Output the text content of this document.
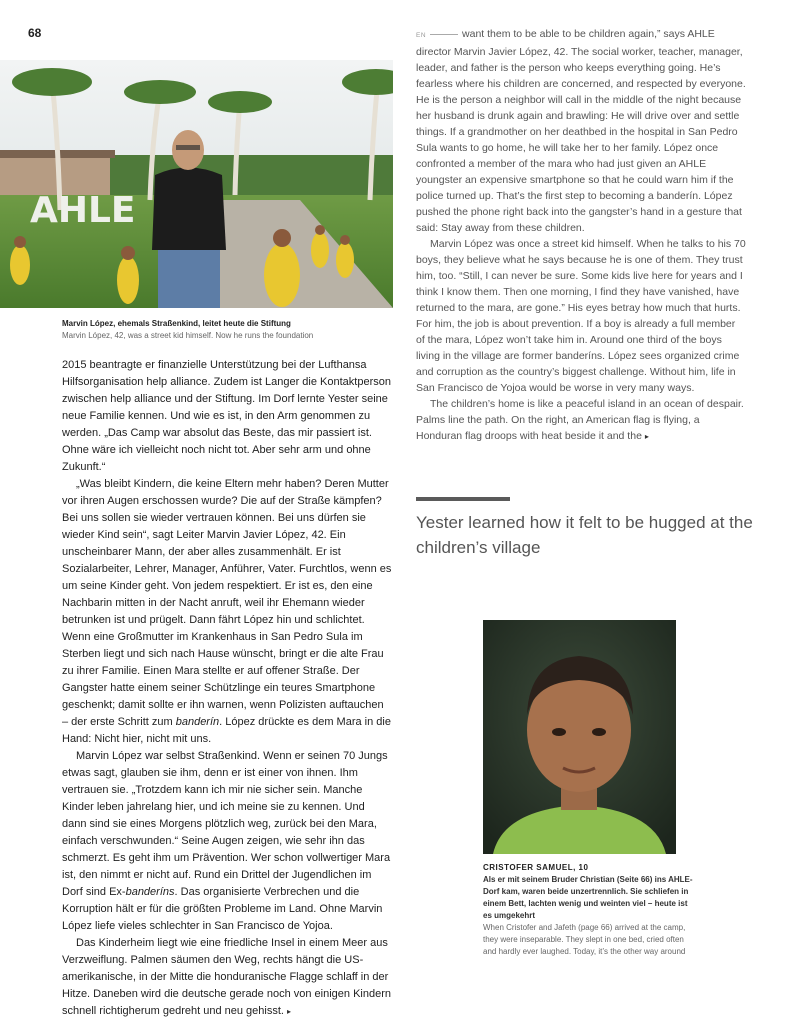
68
AHLE
Marvin López, ehemals Straßenkind, leitet heute die Stiftung
Marvin López, 42, was a street kid himself. Now he runs the foundation

2015 beantragte er finanzielle Unterstützung bei der Lufthansa Hilfsorganisation help alliance. Zudem ist Langer die Kontaktperson zwischen help alliance und der Stiftung. Im Dorf lernte Yester seine neue Familie kennen. Und wie es ist, in den Arm genommen zu werden. „Das Camp war absolut das Beste, das mir passiert ist. Ohne wäre ich vielleicht noch nicht tot. Aber sehr arm und ohne Zukunft.“

„Was bleibt Kindern, die keine Eltern mehr haben? Deren Mutter vor ihren Augen erschossen wurde? Die auf der Straße kämpfen? Bei uns sollen sie wieder vertrauen können. Bei uns dürfen sie wieder Kind sein“, sagt Leiter Marvin Javier López, 42. Ein unscheinbarer Mann, der aber alles zusammenhält. Er ist Sozialarbeiter, Lehrer, Manager, Anführer, Vater. Furchtlos, wenn es um seine Kinder geht. Von jedem respektiert. Er ist es, den eine Nachbarin mitten in der Nacht anruft, weil ihr Ehemann wieder betrunken ist und prügelt. Dann fährt López hin und schlichtet. Wenn eine Großmutter im Krankenhaus in San Pedro Sula im Sterben liegt und sich nach Hause wünscht, bringt er die alte Frau zu ihrer Familie. Einen Mara stellte er auf offener Straße. Der Gangster hatte einem seiner Schützlinge ein teures Smartphone geschenkt; damit sollte er ihn warnen, wenn Polizisten auftauchen – der erste Schritt zum banderín. López drückte es dem Mara in die Hand: Nicht hier, nicht mit uns.

Marvin López war selbst Straßenkind. Wenn er seinen 70 Jungs etwas sagt, glauben sie ihm, denn er ist einer von ihnen. Ihm vertrauen sie. „Trotzdem kann ich mir nie sicher sein. Manche Kinder leben jahrelang hier, und ich meine sie zu kennen. Und dann sind sie eines Morgens plötzlich weg, zurück bei den Mara, einfach verschwunden.“ Seine Augen zeigen, wie sehr ihn das schmerzt. Es geht ihm um Prävention. Wer schon vollwertiger Mara ist, den nimmt er nicht auf. Rund ein Drittel der Jugendlichen im Dorf sind Ex-banderíns. Das organisierte Verbrechen und die Korruption hält er für die größten Probleme im Land. Ohne Marvin López liefe vieles schlechter in San Francisco de Yojoa.

Das Kinderheim liegt wie eine friedliche Insel in einem Meer aus Verzweiflung. Palmen säumen den Weg, rechts hängt die US-amerikanische, in der Mitte die honduranische Flagge schlaff in der Hitze. Daneben wird die deutsche gerade noch von einigen Kindern schnell richtigherum gedreht und neu gehisst. ▸

EN	want them to be able to be children again,” says AHLE director Marvin Javier López, 42. The social worker, teacher, manager, leader, and father is the person who keeps everything going. He’s fearless where his children are concerned, and respected by everyone. He is the person a neighbor will call in the middle of the night because her husband is drunk again and brawling: He will drive over and settle things. If a grandmother on her deathbed in the hospital in San Pedro Sula wants to go home, he will take her to her family. López once confronted a member of the mara who had just given an AHLE youngster an expensive smartphone so that he could warn him if the police turned up. That’s the first step to becoming a banderín. López pushed the phone right back into the gangster’s hand in a gesture that said: Stay away from these children.

Marvin López was once a street kid himself. When he talks to his 70 boys, they believe what he says because he is one of them. They trust him, too. “Still, I can never be sure. Some kids live here for years and I think I know them. Then one morning, I find they have vanished, have returned to the mara, are gone.” His eyes betray how much that hurts. For him, the job is about prevention. If a boy is already a full member of the mara, López won’t take him in. Around one third of the boys living in the village are former banderíns. López sees organized crime and corruption as the country’s biggest challenge. Without him, life in San Francisco de Yojoa would be worse in very many ways.

The children’s home is like a peaceful island in an ocean of despair. Palms line the path. On the right, an American flag is flying, a Honduran flag droops with heat beside it and the ▸

Yester learned how it felt to be hugged at the children’s village
CRISTOFER SAMUEL, 10
Als er mit seinem Bruder Christian (Seite 66) ins AHLE-Dorf kam, waren beide unzertrennlich. Sie schliefen in einem Bett, lachten wenig und weinten viel – heute ist es umgekehrt
When Cristofer and Jafeth (page 66) arrived at the camp, they were inseparable. They slept in one bed, cried often and hardly ever laughed. Today, it’s the other way around
